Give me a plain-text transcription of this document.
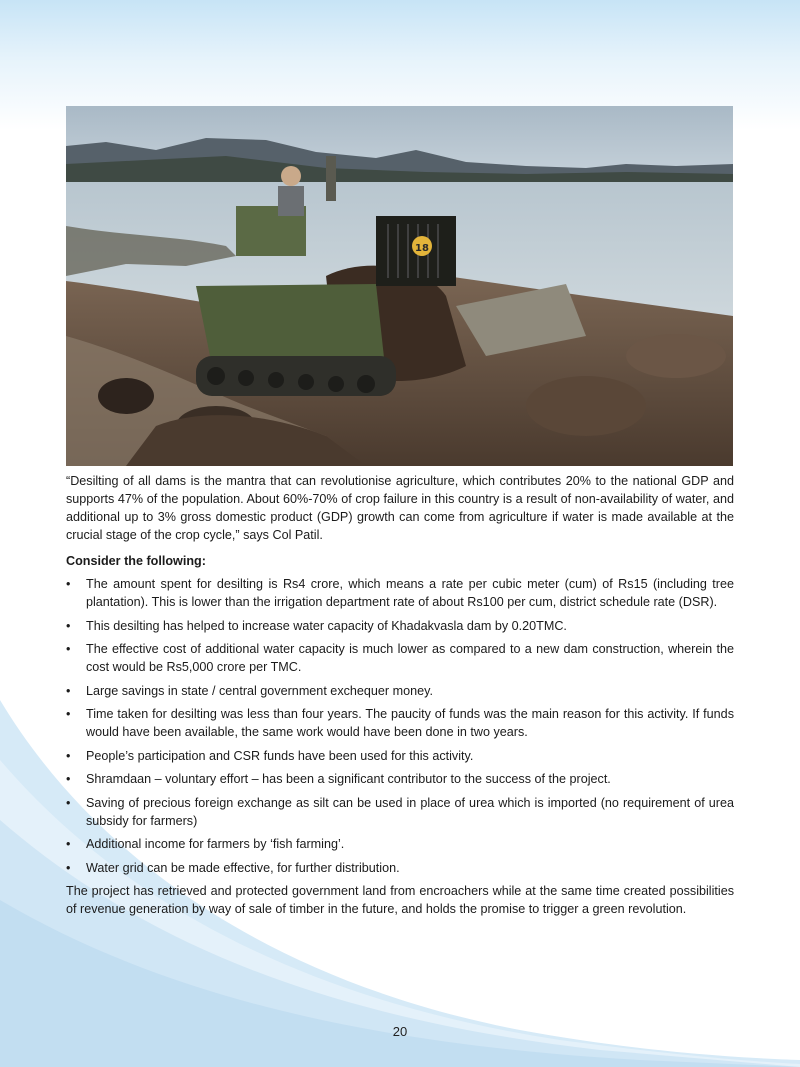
18

“Desilting of all dams is the mantra that can revolutionise agriculture, which contributes 20% to the national GDP and supports 47% of the population. About 60%-70% of crop failure in this country is a result of non-availability of water, and additional up to 3% gross domestic product (GDP) growth can come from agriculture if water is made available at the crucial stage of the crop cycle,” says Col Patil.

Consider the following:

•	The amount spent for desilting is Rs4 crore, which means a rate per cubic meter (cum) of Rs15 (including tree plantation). This is lower than the irrigation department rate of about Rs100 per cum, district schedule rate (DSR).
•	This desilting has helped to increase water capacity of Khadakvasla dam by 0.20TMC.
•	The effective cost of additional water capacity is much lower as compared to a new dam construction, wherein the cost would be Rs5,000 crore per TMC.
•	Large savings in state / central government exchequer money.
•	Time taken for desilting was less than four years. The paucity of funds was the main reason for this activity. If funds would have been available, the same work would have been done in two years.
•	People’s participation and CSR funds have been used for this activity.
•	Shramdaan – voluntary effort – has been a significant contributor to the success of the project.
•	Saving of precious foreign exchange as silt can be used in place of urea which is imported (no requirement of urea subsidy for farmers)
•	Additional income for farmers by ‘fish farming’.
•	Water grid can be made effective, for further distribution.

The project has retrieved and protected government land from encroachers while at the same time created possibilities of revenue generation by way of sale of timber in the future, and holds the promise to trigger a green revolution.

20
